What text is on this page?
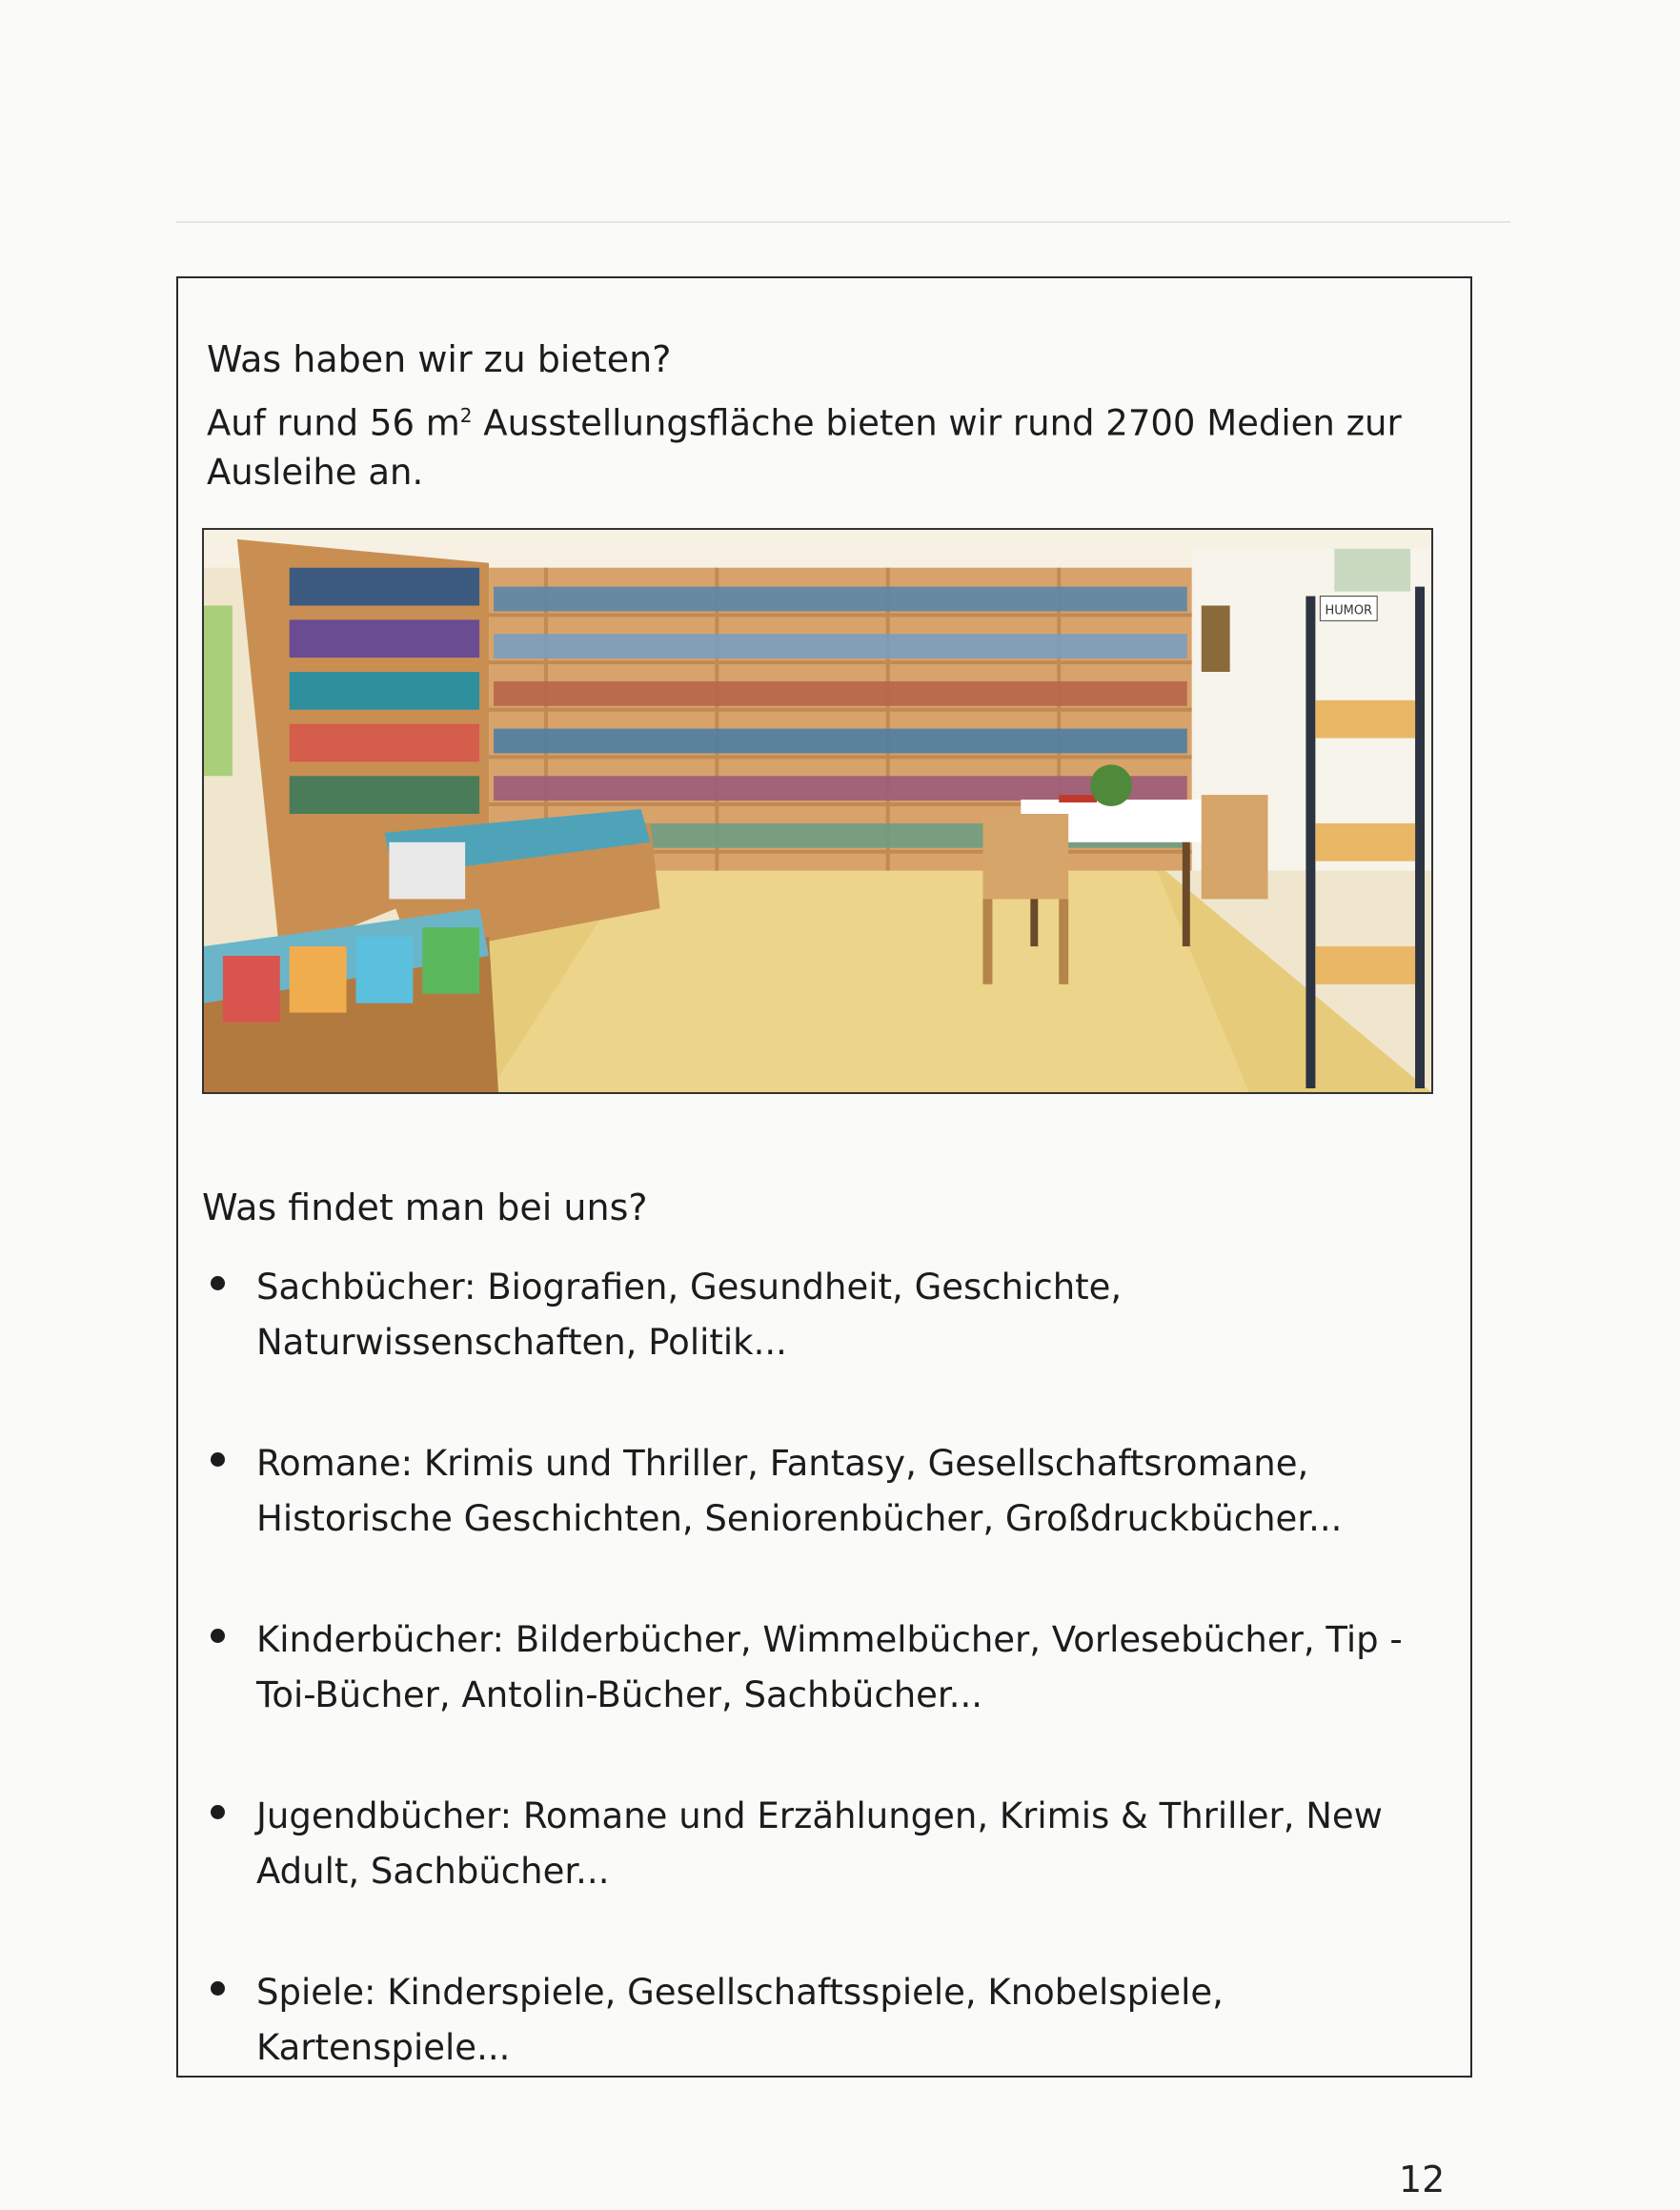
Was haben wir zu bieten?

Auf rund 56 $m^2$ Ausstellungsfläche bieten wir rund 2700 Medien zur Ausleihe an.

HUMOR
Was findet man bei uns?
Sachbücher: Biografien, Gesundheit, Geschichte, Naturwissenschaften, Politik...
Romane: Krimis und Thriller, Fantasy, Gesellschaftsromane, Historische Geschichten, Seniorenbücher, Großdruckbücher...
Kinderbücher: Bilderbücher, Wimmelbücher, Vorlesebücher, Tip - Toi-Bücher, Antolin-Bücher, Sachbücher...
Jugendbücher: Romane und Erzählungen, Krimis & Thriller, New Adult, Sachbücher...
Spiele: Kinderspiele, Gesellschaftsspiele, Knobelspiele, Kartenspiele...
12
